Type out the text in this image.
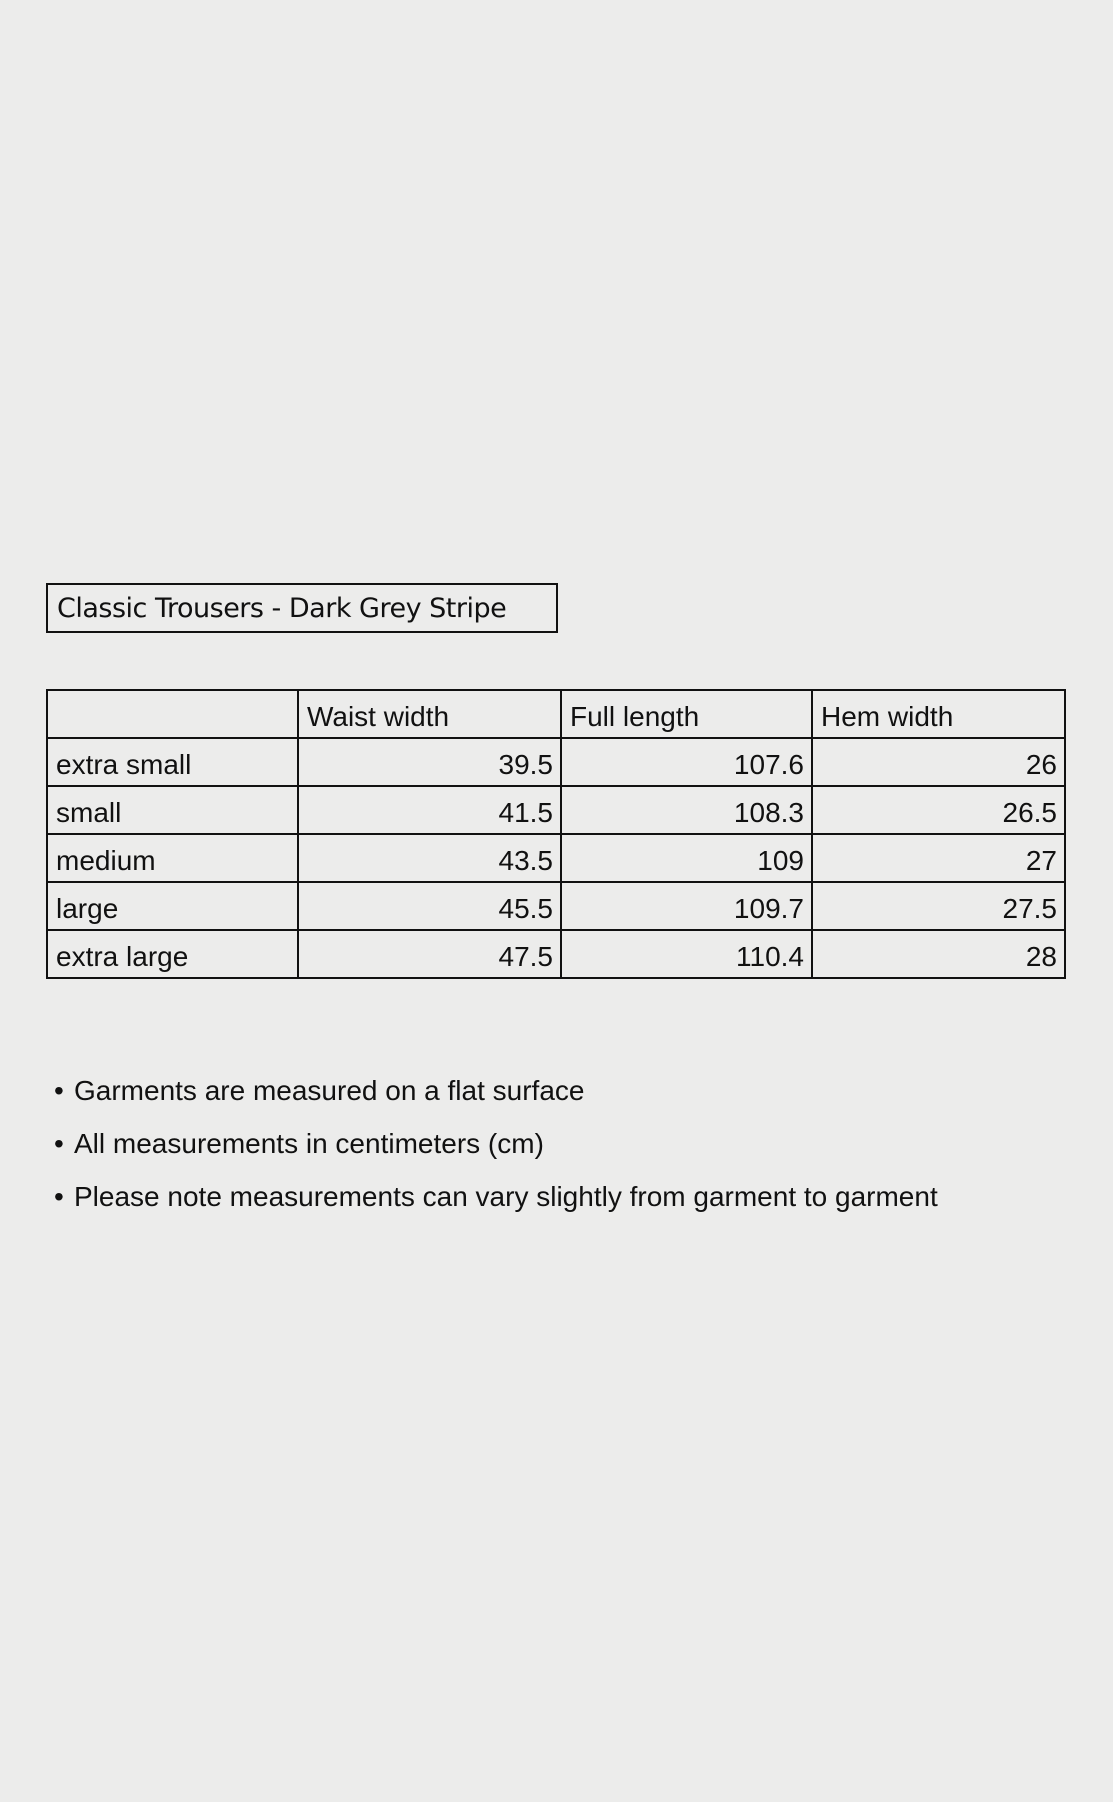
Classic Trousers - Dark Grey Stripe
	Waist width	Full length	Hem width
extra small	39.5	107.6	26
small	41.5	108.3	26.5
medium	43.5	109	27
large	45.5	109.7	27.5
extra large	47.5	110.4	28
• Garments are measured on a flat surface
• All measurements in centimeters (cm)
• Please note measurements can vary slightly from garment to garment
